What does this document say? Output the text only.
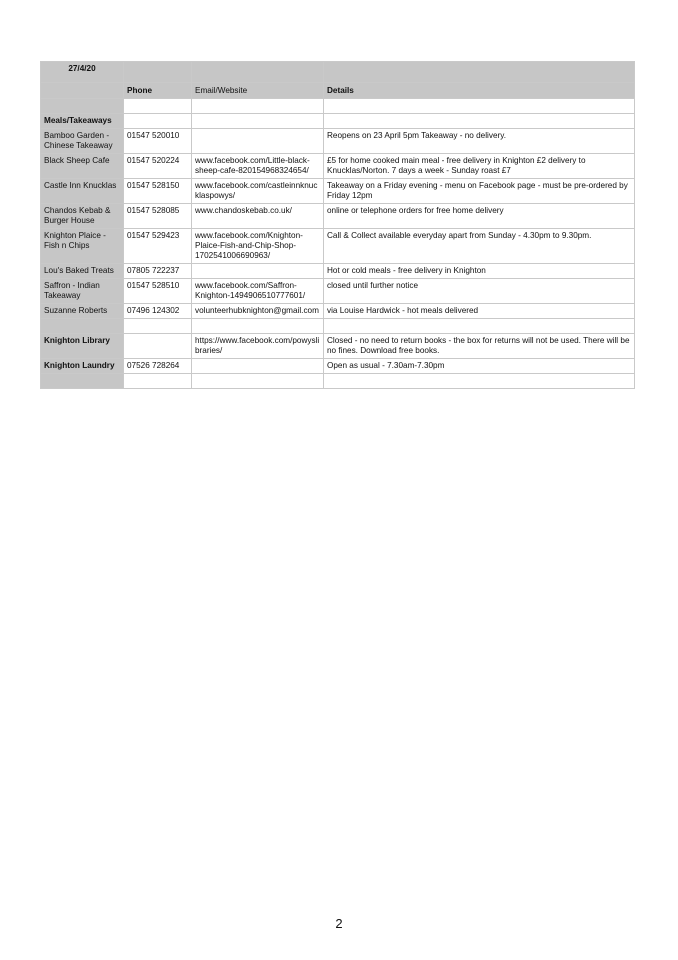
27/4/20			
	Phone	Email/Website	Details

Meals/Takeaways			
Bamboo Garden - Chinese Takeaway	01547 520010		Reopens on 23 April 5pm Takeaway - no delivery.
Black Sheep Cafe	01547 520224	www.facebook.com/Little-black-sheep-cafe-820154968324654/	£5 for home cooked main meal - free delivery in Knighton £2 delivery to Knucklas/Norton. 7 days a week - Sunday roast £7
Castle Inn Knucklas	01547 528150	www.facebook.com/castleinnknucklaspowys/	Takeaway on a Friday evening - menu on Facebook page - must be pre-ordered by Friday 12pm
Chandos Kebab & Burger House	01547 528085	www.chandoskebab.co.uk/	online or telephone orders for free home delivery
Knighton Plaice - Fish n Chips	01547 529423	www.facebook.com/Knighton-Plaice-Fish-and-Chip-Shop-1702541006690963/	Call & Collect available everyday apart from Sunday - 4.30pm to 9.30pm.
Lou's Baked Treats	07805 722237		Hot or cold meals - free delivery in Knighton
Saffron - Indian Takeaway	01547 528510	www.facebook.com/Saffron-Knighton-1494906510777601/	closed until further notice
Suzanne Roberts	07496 124302	volunteerhubknighton@gmail.com	via Louise Hardwick - hot meals delivered

Knighton Library		https://www.facebook.com/powyslibraries/	Closed - no need to return books - the box for returns will not be used. There will be no fines. Download free books.
Knighton Laundry	07526 728264		Open as usual - 7.30am-7.30pm

2
